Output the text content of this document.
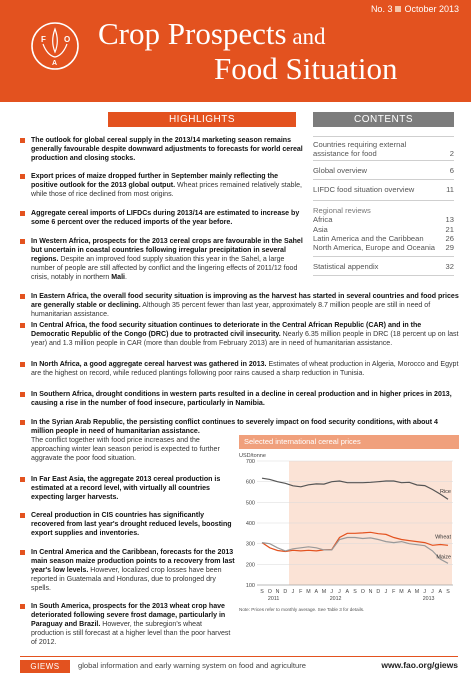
No. 3 October 2013
F
A
O Crop Prospects and
Food Situation
HIGHLIGHTS	CONTENTS
Countries requiring external assistance for food	2
Global overview	6
LIFDC food situation overview	11
Regional reviews
Africa	13
Asia	21
Latin America and the Caribbean	26
North America, Europe and Oceania 29
Statistical appendix	32
The outlook for global cereal supply in the 2013/14 marketing season remains generally favourable despite downward adjustments to forecasts for world cereal production and closing stocks.
Export prices of maize dropped further in September mainly reflecting the positive outlook for the 2013 global output. Wheat prices remained relatively stable, while those of rice declined from most origins.
Aggregate cereal imports of LIFDCs during 2013/14 are estimated to increase by some 6 percent over the reduced imports of the year before.
In Western Africa, prospects for the 2013 cereal crops are favourable in the Sahel but uncertain in coastal countries following irregular precipitation in several regions. Despite an improved food supply situation this year in the Sahel, a large number of people are still affected by conflict and the lingering effects of 2011/12 food crisis, notably in northern Mali.
In Eastern Africa, the overall food security situation is improving as the harvest has started in several countries and food prices are generally stable or declining. Although 35 percent fewer than last year, approximately 8.7 million people are still in need of humanitarian assistance.
In Central Africa, the food security situation continues to deteriorate in the Central African Republic (CAR) and in the Democratic Republic of the Congo (DRC) due to protracted civil insecurity. Nearly 6.35 million people in DRC (18 percent up on last year) and 1.3 million people in CAR (more than double from February 2013) are in need of humanitarian assistance.
In North Africa, a good aggregate cereal harvest was gathered in 2013. Estimates of wheat production in Algeria, Morocco and Egypt are the highest on record, while reduced plantings following poor rains caused a sharp reduction in Tunisia.
In Southern Africa, drought conditions in western parts resulted in a decline in cereal production and in higher prices in 2013, causing a rise in the number of food insecure, particularly in Namibia.
In the Syrian Arab Republic, the persisting conflict continues to severely impact on food security conditions, with about 4 million people in need of humanitarian assistance.
The conflict together with food price increases and the approaching winter lean season period is expected to further aggravate the poor food situation.
In Far East Asia, the aggregate 2013 cereal production is estimated at a record level, with virtually all countries expecting larger harvests.
Cereal production in CIS countries has significantly recovered from last year's drought reduced levels, boosting export supplies and inventories.
In Central America and the Caribbean, forecasts for the 2013 main season maize production points to a recovery from last year's low levels. However, localized crop losses have been reported in Guatemala and Honduras, due to prolonged dry spells.
In South America, prospects for the 2013 wheat crop have deteriorated following severe frost damage, particularly in Paraguay and Brazil. However, the subregion's wheat production is still forecast at a higher level than the poor harvest of 2012.
Selected international cereal prices
USD/tonne
100
200
300
400
500
600
700
S O N D J F M A M J J A S O N D J F M A M J J A S
2011	2012	2013
Rice
Wheat
Maize
Note: Prices refer to monthly average. See Table 3 for details.
GIEWS	global information and early warning system on food and agriculture	www.fao.org/giews
